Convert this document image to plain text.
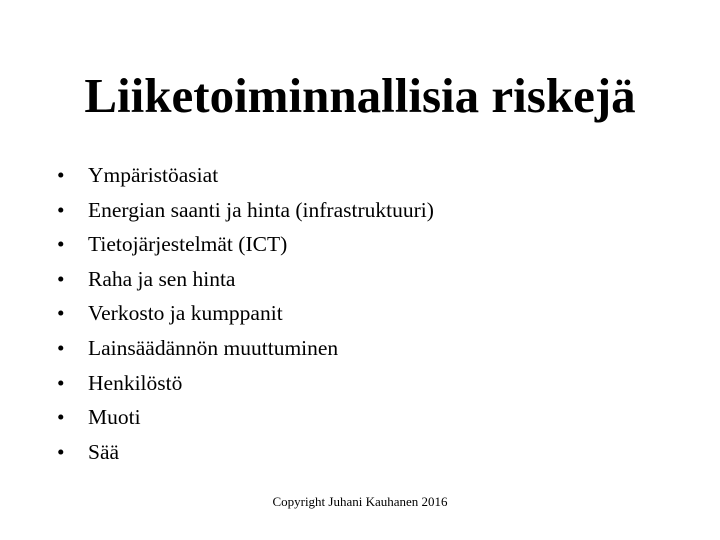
Liiketoiminnallisia riskejä
•	Ympäristöasiat
•	Energian saanti ja hinta (infrastruktuuri)
•	Tietojärjestelmät (ICT)
•	Raha ja sen hinta
•	Verkosto ja kumppanit
•	Lainsäädännön muuttuminen
•	Henkilöstö
•	Muoti
•	Sää
Copyright Juhani Kauhanen 2016
